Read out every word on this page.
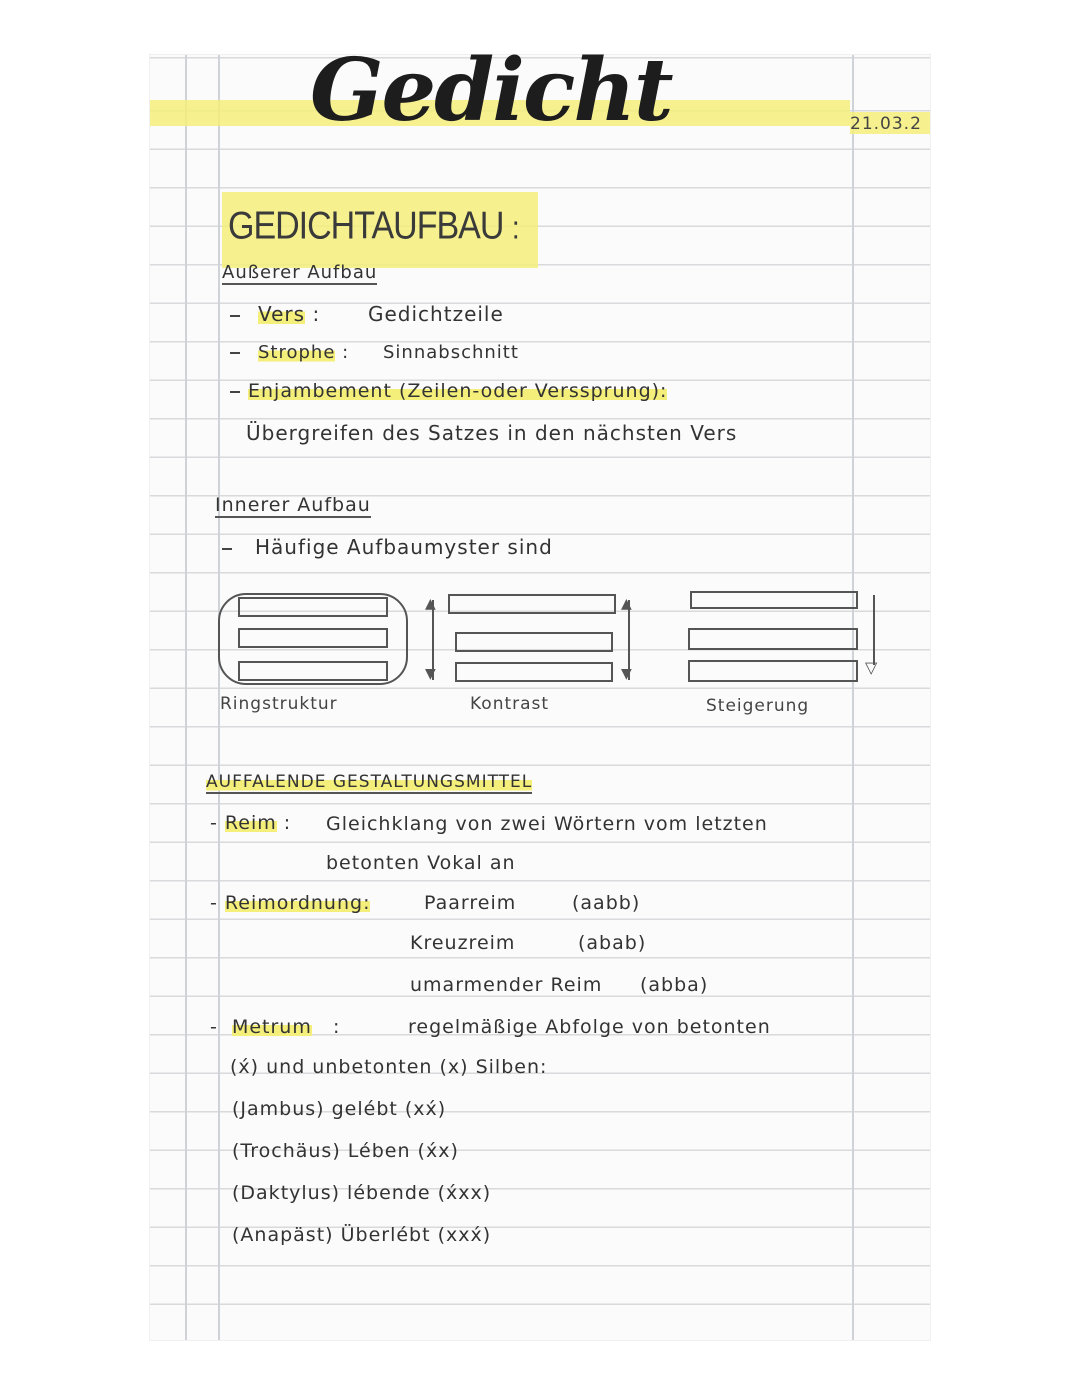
Gedicht	21.03.2
GEDICHTAUFBAU :
Außerer Aufbau
Vers : Gedichtzeile
Strophe : Sinnabschnitt
Enjambement (Zeilen-oder Verssprung):
Übergreifen des Satzes in den nächsten Vers
Innerer Aufbau
Häufige Aufbaumyster sind
▲
▼
▲
▼	▽
Ringstruktur	Kontrast	Steigerung
AUFFALENDE GESTALTUNGSMITTEL
- Reim : Gleichklang von zwei Wörtern vom letzten
betonten Vokal an
- Reimordnung:	Paarreim	(aabb)
Kreuzreim	(abab)
umarmender Reim (abba)
-  Metrum :	regelmäßige Abfolge von betonten
(x́) und unbetonten (x) Silben:
(Jambus) gelébt (xx́)
(Trochäus) Lében (x́x)
(Daktylus) lébende (x́xx)
(Anapäst) Überlébt (xxx́)
